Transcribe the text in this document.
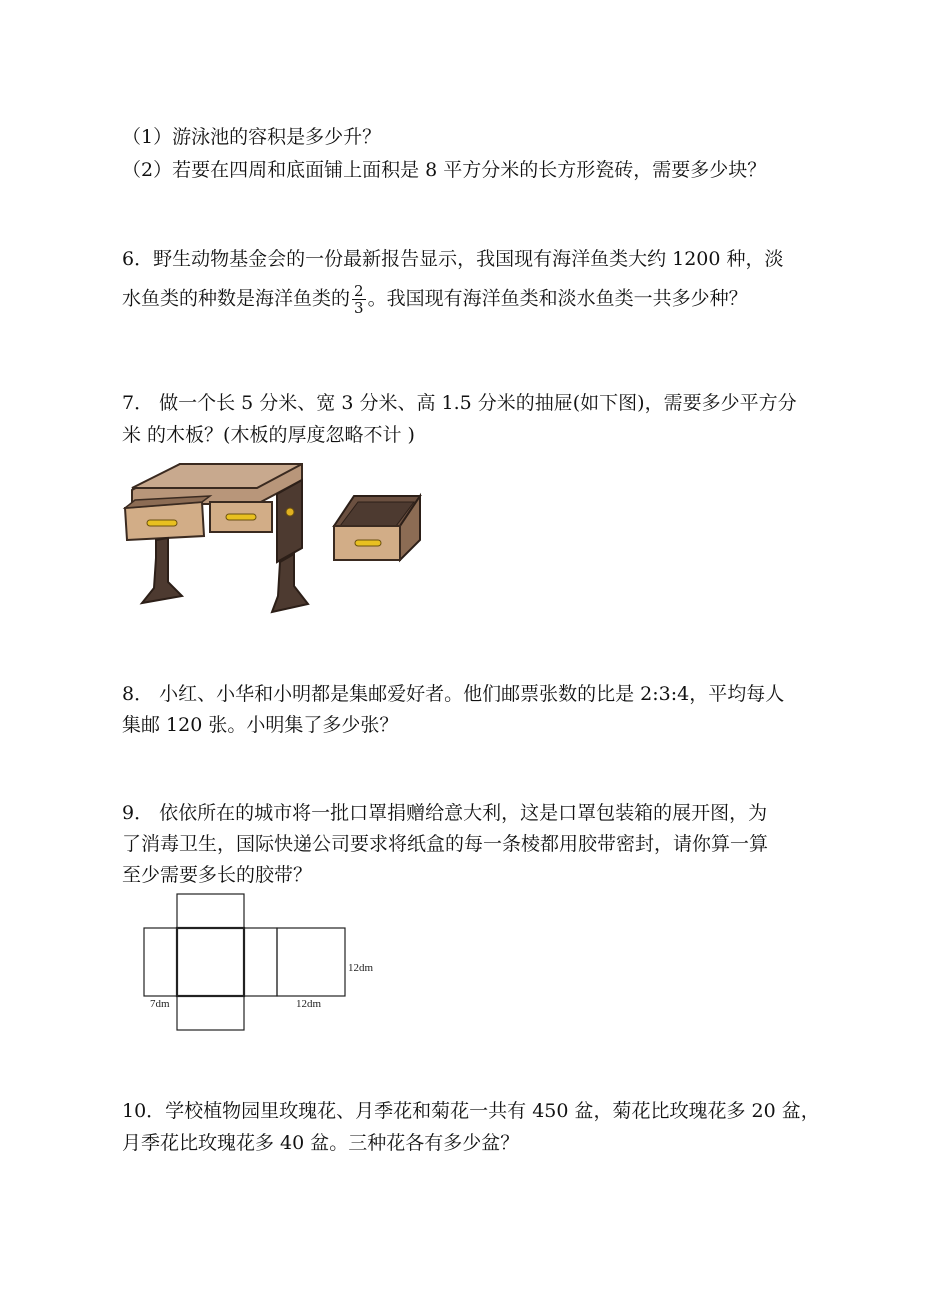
（1）游泳池的容积是多少升？
（2）若要在四周和底面铺上面积是 8 平方分米的长方形瓷砖，需要多少块？
6．野生动物基金会的一份最新报告显示，我国现有海洋鱼类大约 1200 种，淡
水鱼类的种数是海洋鱼类的 $\frac{2}{3}$ 。我国现有海洋鱼类和淡水鱼类一共多少种？
7． 做一个长 5 分米、宽 3 分米、高 1.5 分米的抽屉(如下图)，需要多少平方分
米 的木板？(木板的厚度忽略不计 )
8． 小红、小华和小明都是集邮爱好者。他们邮票张数的比是 2:3:4，平均每人
集邮 120 张。小明集了多少张？
9． 依依所在的城市将一批口罩捐赠给意大利，这是口罩包装箱的展开图，为
了消毒卫生，国际快递公司要求将纸盒的每一条棱都用胶带密封，请你算一算
至少需要多长的胶带？
12dm
7dm	12dm
10．学校植物园里玫瑰花、月季花和菊花一共有 450 盆，菊花比玫瑰花多 20 盆，
月季花比玫瑰花多 40 盆。三种花各有多少盆？
